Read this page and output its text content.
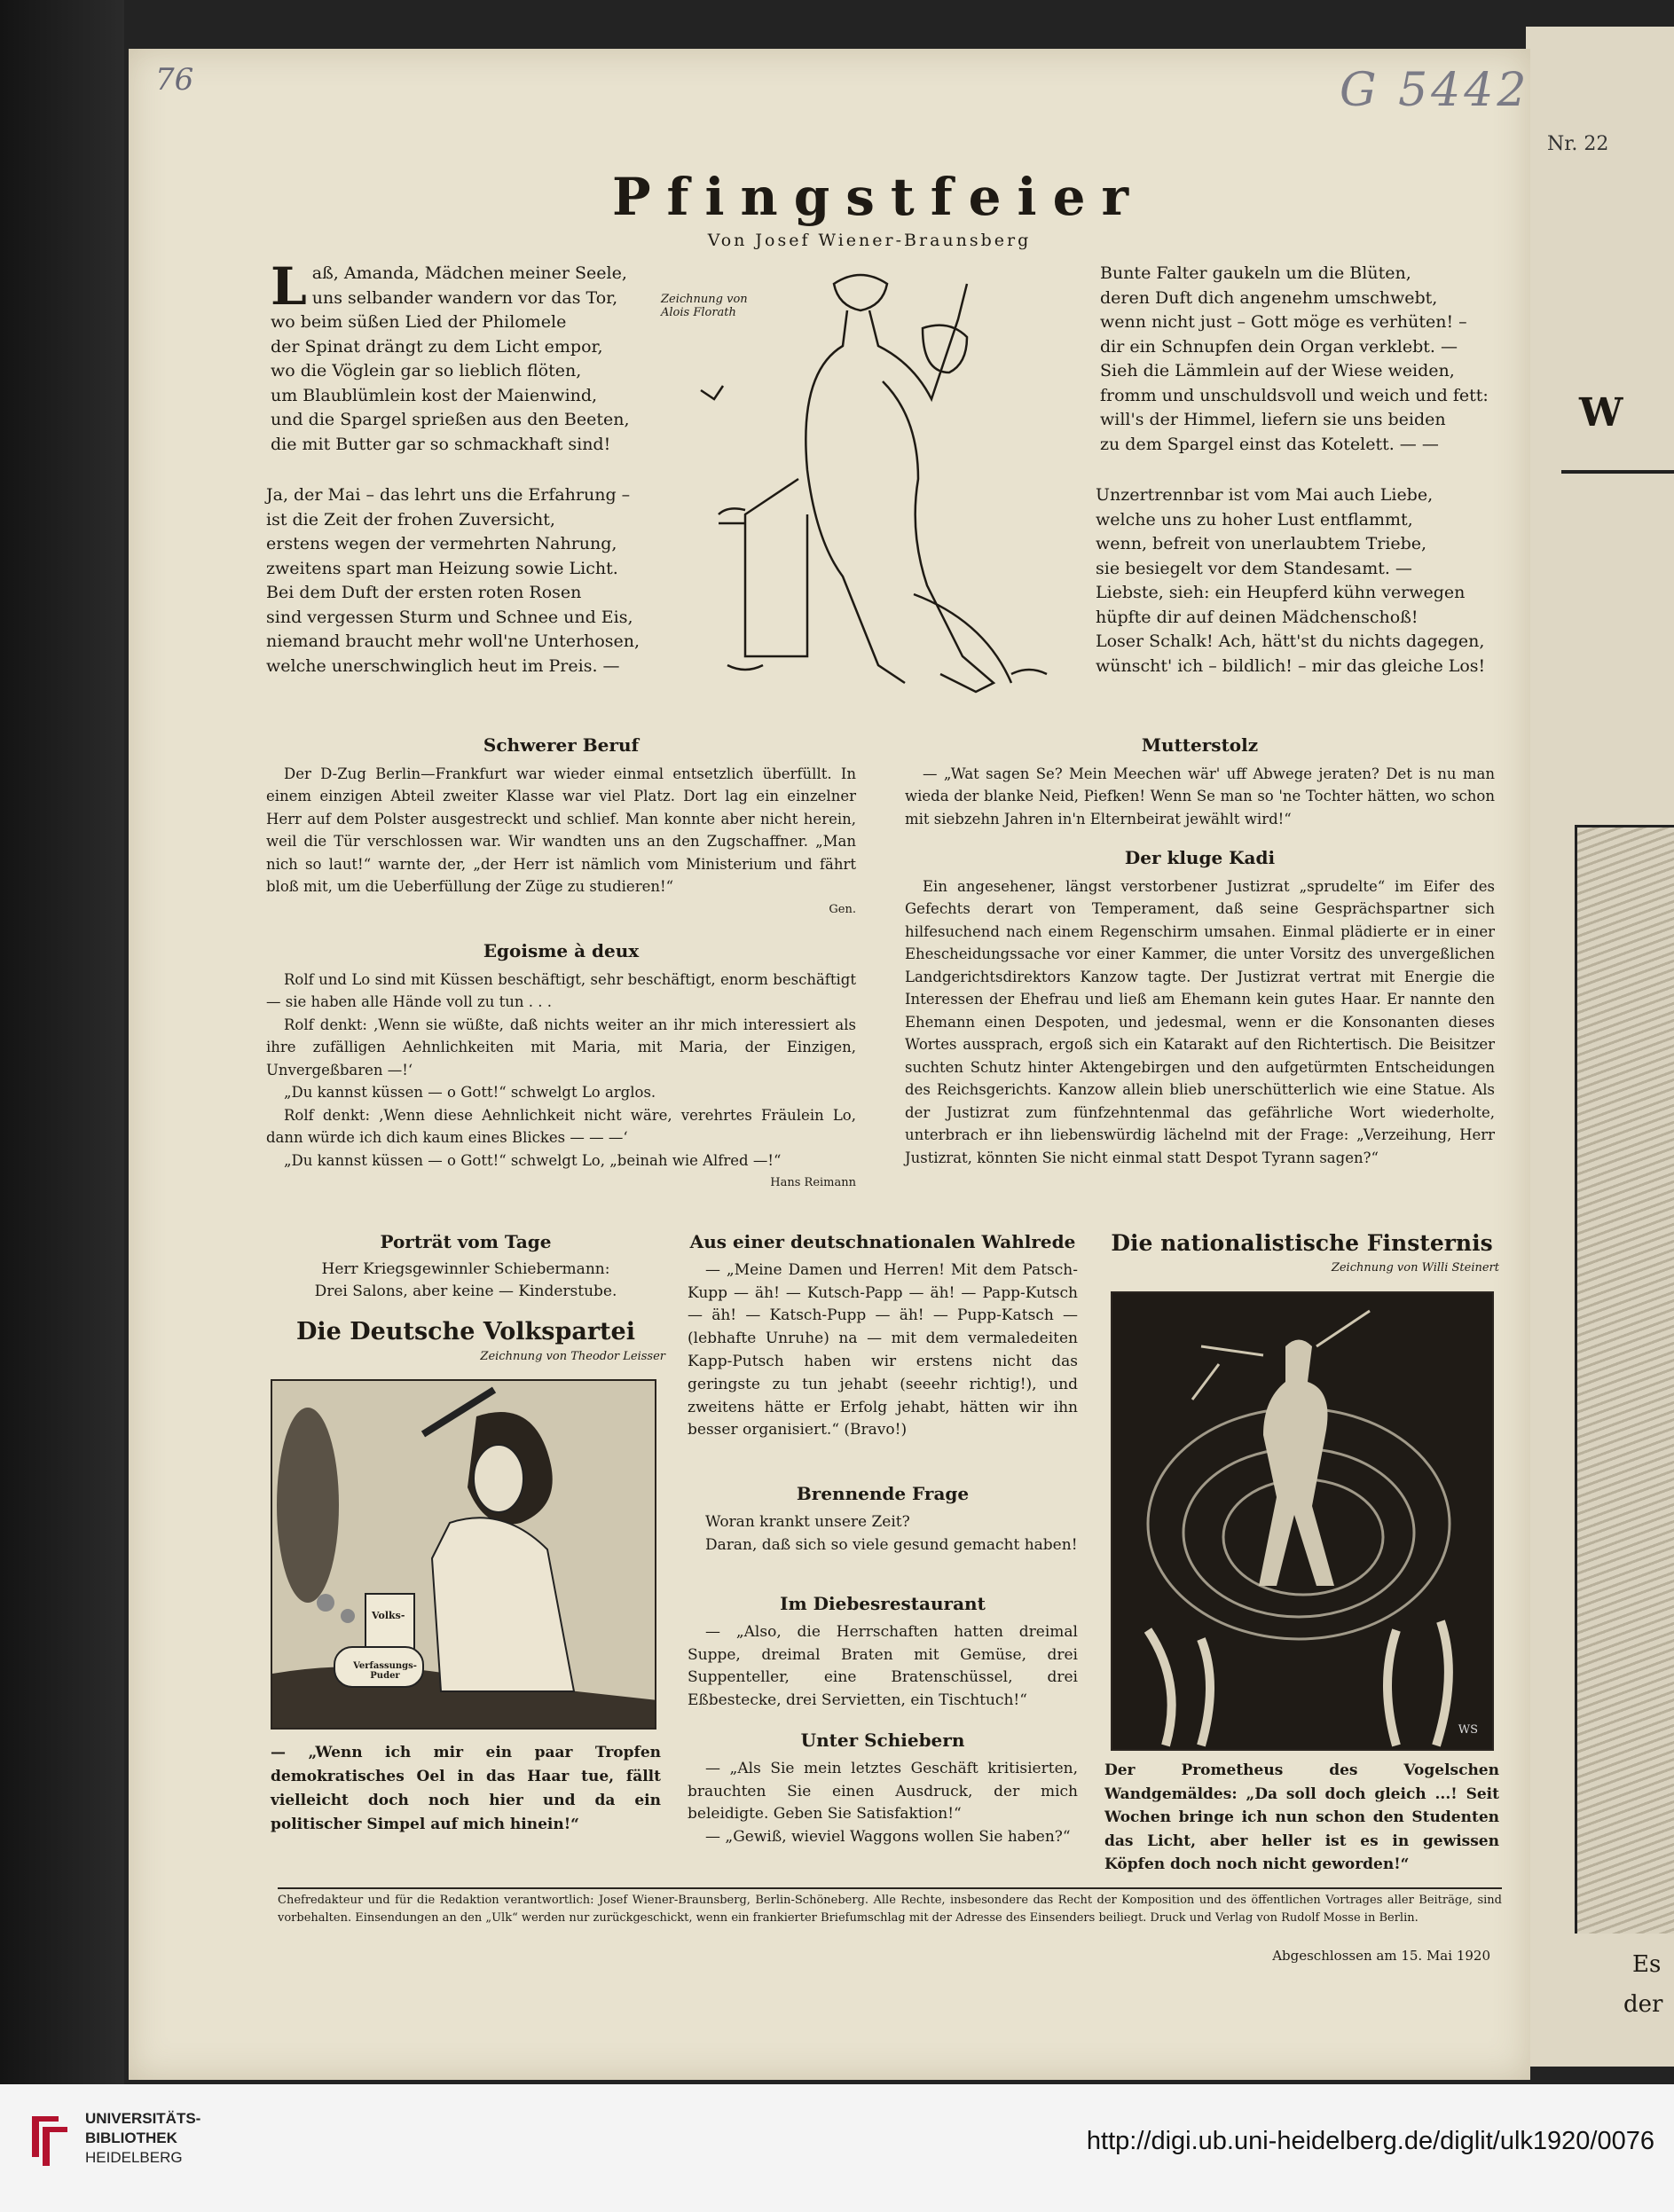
Nr. 22
W
Es
der
76	G 5442
Pfingstfeier
Von Josef Wiener-Braunsberg
L aß, Amanda, Mädchen meiner Seele,
uns selbander wandern vor das Tor,
wo beim süßen Lied der Philomele
der Spinat drängt zu dem Licht empor,
wo die Vöglein gar so lieblich flöten,
um Blaublümlein kost der Maienwind,
und die Spargel sprießen aus den Beeten,
die mit Butter gar so schmackhaft sind!
Ja, der Mai – das lehrt uns die Erfahrung –
ist die Zeit der frohen Zuversicht,
erstens wegen der vermehrten Nahrung,
zweitens spart man Heizung sowie Licht.
Bei dem Duft der ersten roten Rosen
sind vergessen Sturm und Schnee und Eis,
niemand braucht mehr woll'ne Unterhosen,
welche unerschwinglich heut im Preis. —
Zeichnung von Alois Florath
Bunte Falter gaukeln um die Blüten,
deren Duft dich angenehm umschwebt,
wenn nicht just – Gott möge es verhüten! –
dir ein Schnupfen dein Organ verklebt. —
Sieh die Lämmlein auf der Wiese weiden,
fromm und unschuldsvoll und weich und fett:
will's der Himmel, liefern sie uns beiden
zu dem Spargel einst das Kotelett. — —
Unzertrennbar ist vom Mai auch Liebe,
welche uns zu hoher Lust entflammt,
wenn, befreit von unerlaubtem Triebe,
sie besiegelt vor dem Standesamt. —
Liebste, sieh: ein Heupferd kühn verwegen
hüpfte dir auf deinen Mädchenschoß!
Loser Schalk! Ach, hätt'st du nichts dagegen,
wünscht' ich – bildlich! – mir das gleiche Los!
Schwerer Beruf
Der D-Zug Berlin—Frankfurt war wieder einmal entsetzlich überfüllt. In einem einzigen Abteil zweiter Klasse war viel Platz. Dort lag ein einzelner Herr auf dem Polster ausgestreckt und schlief. Man konnte aber nicht herein, weil die Tür verschlossen war. Wir wandten uns an den Zugschaffner. „Man nich so laut!“ warnte der, „der Herr ist nämlich vom Ministerium und fährt bloß mit, um die Ueberfüllung der Züge zu studieren!“
Gen.
Egoisme à deux
Rolf und Lo sind mit Küssen beschäftigt, sehr beschäftigt, enorm beschäftigt — sie haben alle Hände voll zu tun . . .
Rolf denkt: ‚Wenn sie wüßte, daß nichts weiter an ihr mich interessiert als ihre zufälligen Aehnlichkeiten mit Maria, mit Maria, der Einzigen, Unvergeßbaren —!‘
„Du kannst küssen — o Gott!“ schwelgt Lo arglos.
Rolf denkt: ‚Wenn diese Aehnlichkeit nicht wäre, verehrtes Fräulein Lo, dann würde ich dich kaum eines Blickes — — —‘
„Du kannst küssen — o Gott!“ schwelgt Lo, „beinah wie Alfred —!“
Hans Reimann
Mutterstolz
— „Wat sagen Se? Mein Meechen wär' uff Abwege jeraten? Det is nu man wieda der blanke Neid, Piefken! Wenn Se man so 'ne Tochter hätten, wo schon mit siebzehn Jahren in'n Elternbeirat jewählt wird!“
Der kluge Kadi
Ein angesehener, längst verstorbener Justizrat „sprudelte“ im Eifer des Gefechts derart von Temperament, daß seine Gesprächspartner sich hilfesuchend nach einem Regenschirm umsahen. Einmal plädierte er in einer Ehescheidungssache vor einer Kammer, die unter Vorsitz des unvergeßlichen Landgerichtsdirektors Kanzow tagte. Der Justizrat vertrat mit Energie die Interessen der Ehefrau und ließ am Ehemann kein gutes Haar. Er nannte den Ehemann einen Despoten, und jedesmal, wenn er die Konsonanten dieses Wortes aussprach, ergoß sich ein Katarakt auf den Richtertisch. Die Beisitzer suchten Schutz hinter Aktengebirgen und den aufgetürmten Entscheidungen des Reichsgerichts. Kanzow allein blieb unerschütterlich wie eine Statue. Als der Justizrat zum fünfzehntenmal das gefährliche Wort wiederholte, unterbrach er ihn liebenswürdig lächelnd mit der Frage: „Verzeihung, Herr Justizrat, könnten Sie nicht einmal statt Despot Tyrann sagen?“
Porträt vom Tage
Herr Kriegsgewinnler Schiebermann:
Drei Salons, aber keine — Kinderstube.
Die Deutsche Volkspartei
Zeichnung von Theodor Leisser
Volks-
Verfassungs-Puder
— „Wenn ich mir ein paar Tropfen demokratisches Oel in das Haar tue, fällt vielleicht doch noch hier und da ein politischer Simpel auf mich hinein!“
Aus einer deutschnationalen Wahlrede
— „Meine Damen und Herren! Mit dem Patsch-Kupp — äh! — Kutsch-Papp — äh! — Papp-Kutsch — äh! — Katsch-Pupp — äh! — Pupp-Katsch — (lebhafte Unruhe) na — mit dem vermaledeiten Kapp-Putsch haben wir erstens nicht das geringste zu tun jehabt (seeehr richtig!), und zweitens hätte er Erfolg jehabt, hätten wir ihn besser organisiert.“ (Bravo!)
Brennende Frage
Woran krankt unsere Zeit?
Daran, daß sich so viele gesund gemacht haben!
Im Diebesrestaurant
— „Also, die Herrschaften hatten dreimal Suppe, dreimal Braten mit Gemüse, drei Suppenteller, eine Bratenschüssel, drei Eßbestecke, drei Servietten, ein Tischtuch!“
Unter Schiebern
— „Als Sie mein letztes Geschäft kritisierten, brauchten Sie einen Ausdruck, der mich beleidigte. Geben Sie Satisfaktion!“
— „Gewiß, wieviel Waggons wollen Sie haben?“
Die nationalistische Finsternis
Zeichnung von Willi Steinert
WS
Der Prometheus des Vogelschen Wandgemäldes: „Da soll doch gleich ...! Seit Wochen bringe ich nun schon den Studenten das Licht, aber heller ist es in gewissen Köpfen doch noch nicht geworden!“
Chefredakteur und für die Redaktion verantwortlich: Josef Wiener-Braunsberg, Berlin-Schöneberg. Alle Rechte, insbesondere das Recht der Komposition und des öffentlichen Vortrages aller Beiträge, sind vorbehalten. Einsendungen an den „Ulk“ werden nur zurückgeschickt, wenn ein frankierter Briefumschlag mit der Adresse des Einsenders beiliegt. Druck und Verlag von Rudolf Mosse in Berlin.
Abgeschlossen am 15. Mai 1920
UNIVERSITÄTS-
BIBLIOTHEK
HEIDELBERG
http://digi.ub.uni-heidelberg.de/diglit/ulk1920/0076
